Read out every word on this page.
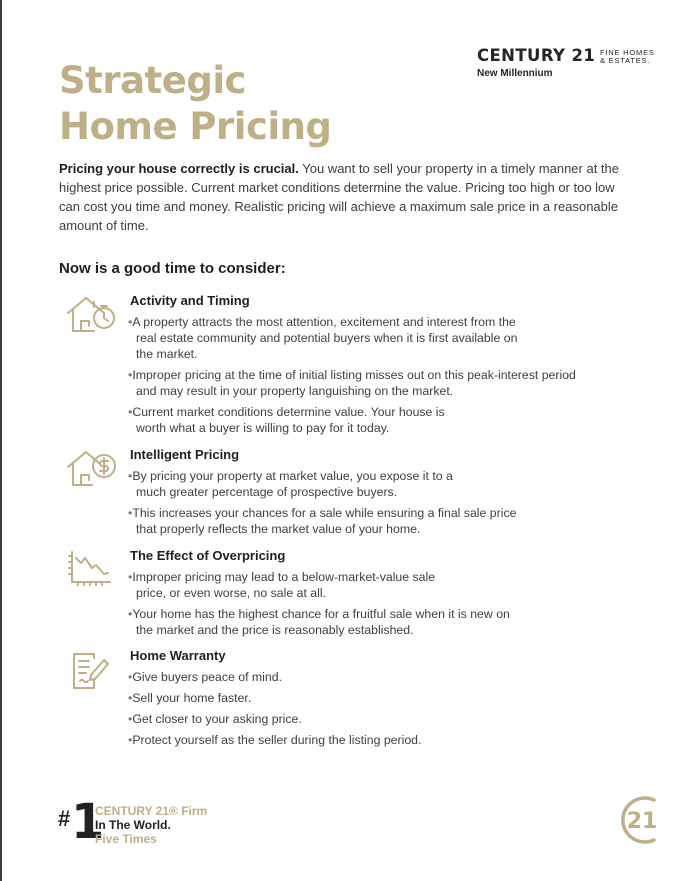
Strategic
Home Pricing
CENTURY 21 FINE HOMES
& ESTATES.
New Millennium

Pricing your house correctly is crucial. You want to sell your property in a timely manner at the highest price possible. Current market conditions determine the value. Pricing too high or too low can cost you time and money. Realistic pricing will achieve a maximum sale price in a reasonable amount of time.

Now is a good time to consider:
Activity and Timing
• A property attracts the most attention, excitement and interest from the real estate community and potential buyers when it is first available on the market.
• Improper pricing at the time of initial listing misses out on this peak-interest period and may result in your property languishing on the market.
• Current market conditions determine value. Your house is worth what a buyer is willing to pay for it today.
Intelligent Pricing
• By pricing your property at market value, you expose it to a much greater percentage of prospective buyers.
• This increases your chances for a sale while ensuring a final sale price that properly reflects the market value of your home.
The Effect of Overpricing
• Improper pricing may lead to a below-market-value sale price, or even worse, no sale at all.
• Your home has the highest chance for a fruitful sale when it is new on the market and the price is reasonably established.
Home Warranty
• Give buyers peace of mind.
• Sell your home faster.
• Get closer to your asking price.
• Protect yourself as the seller during the listing period.
# 1
CENTURY 21® Firm
In The World.
Five Times
21
